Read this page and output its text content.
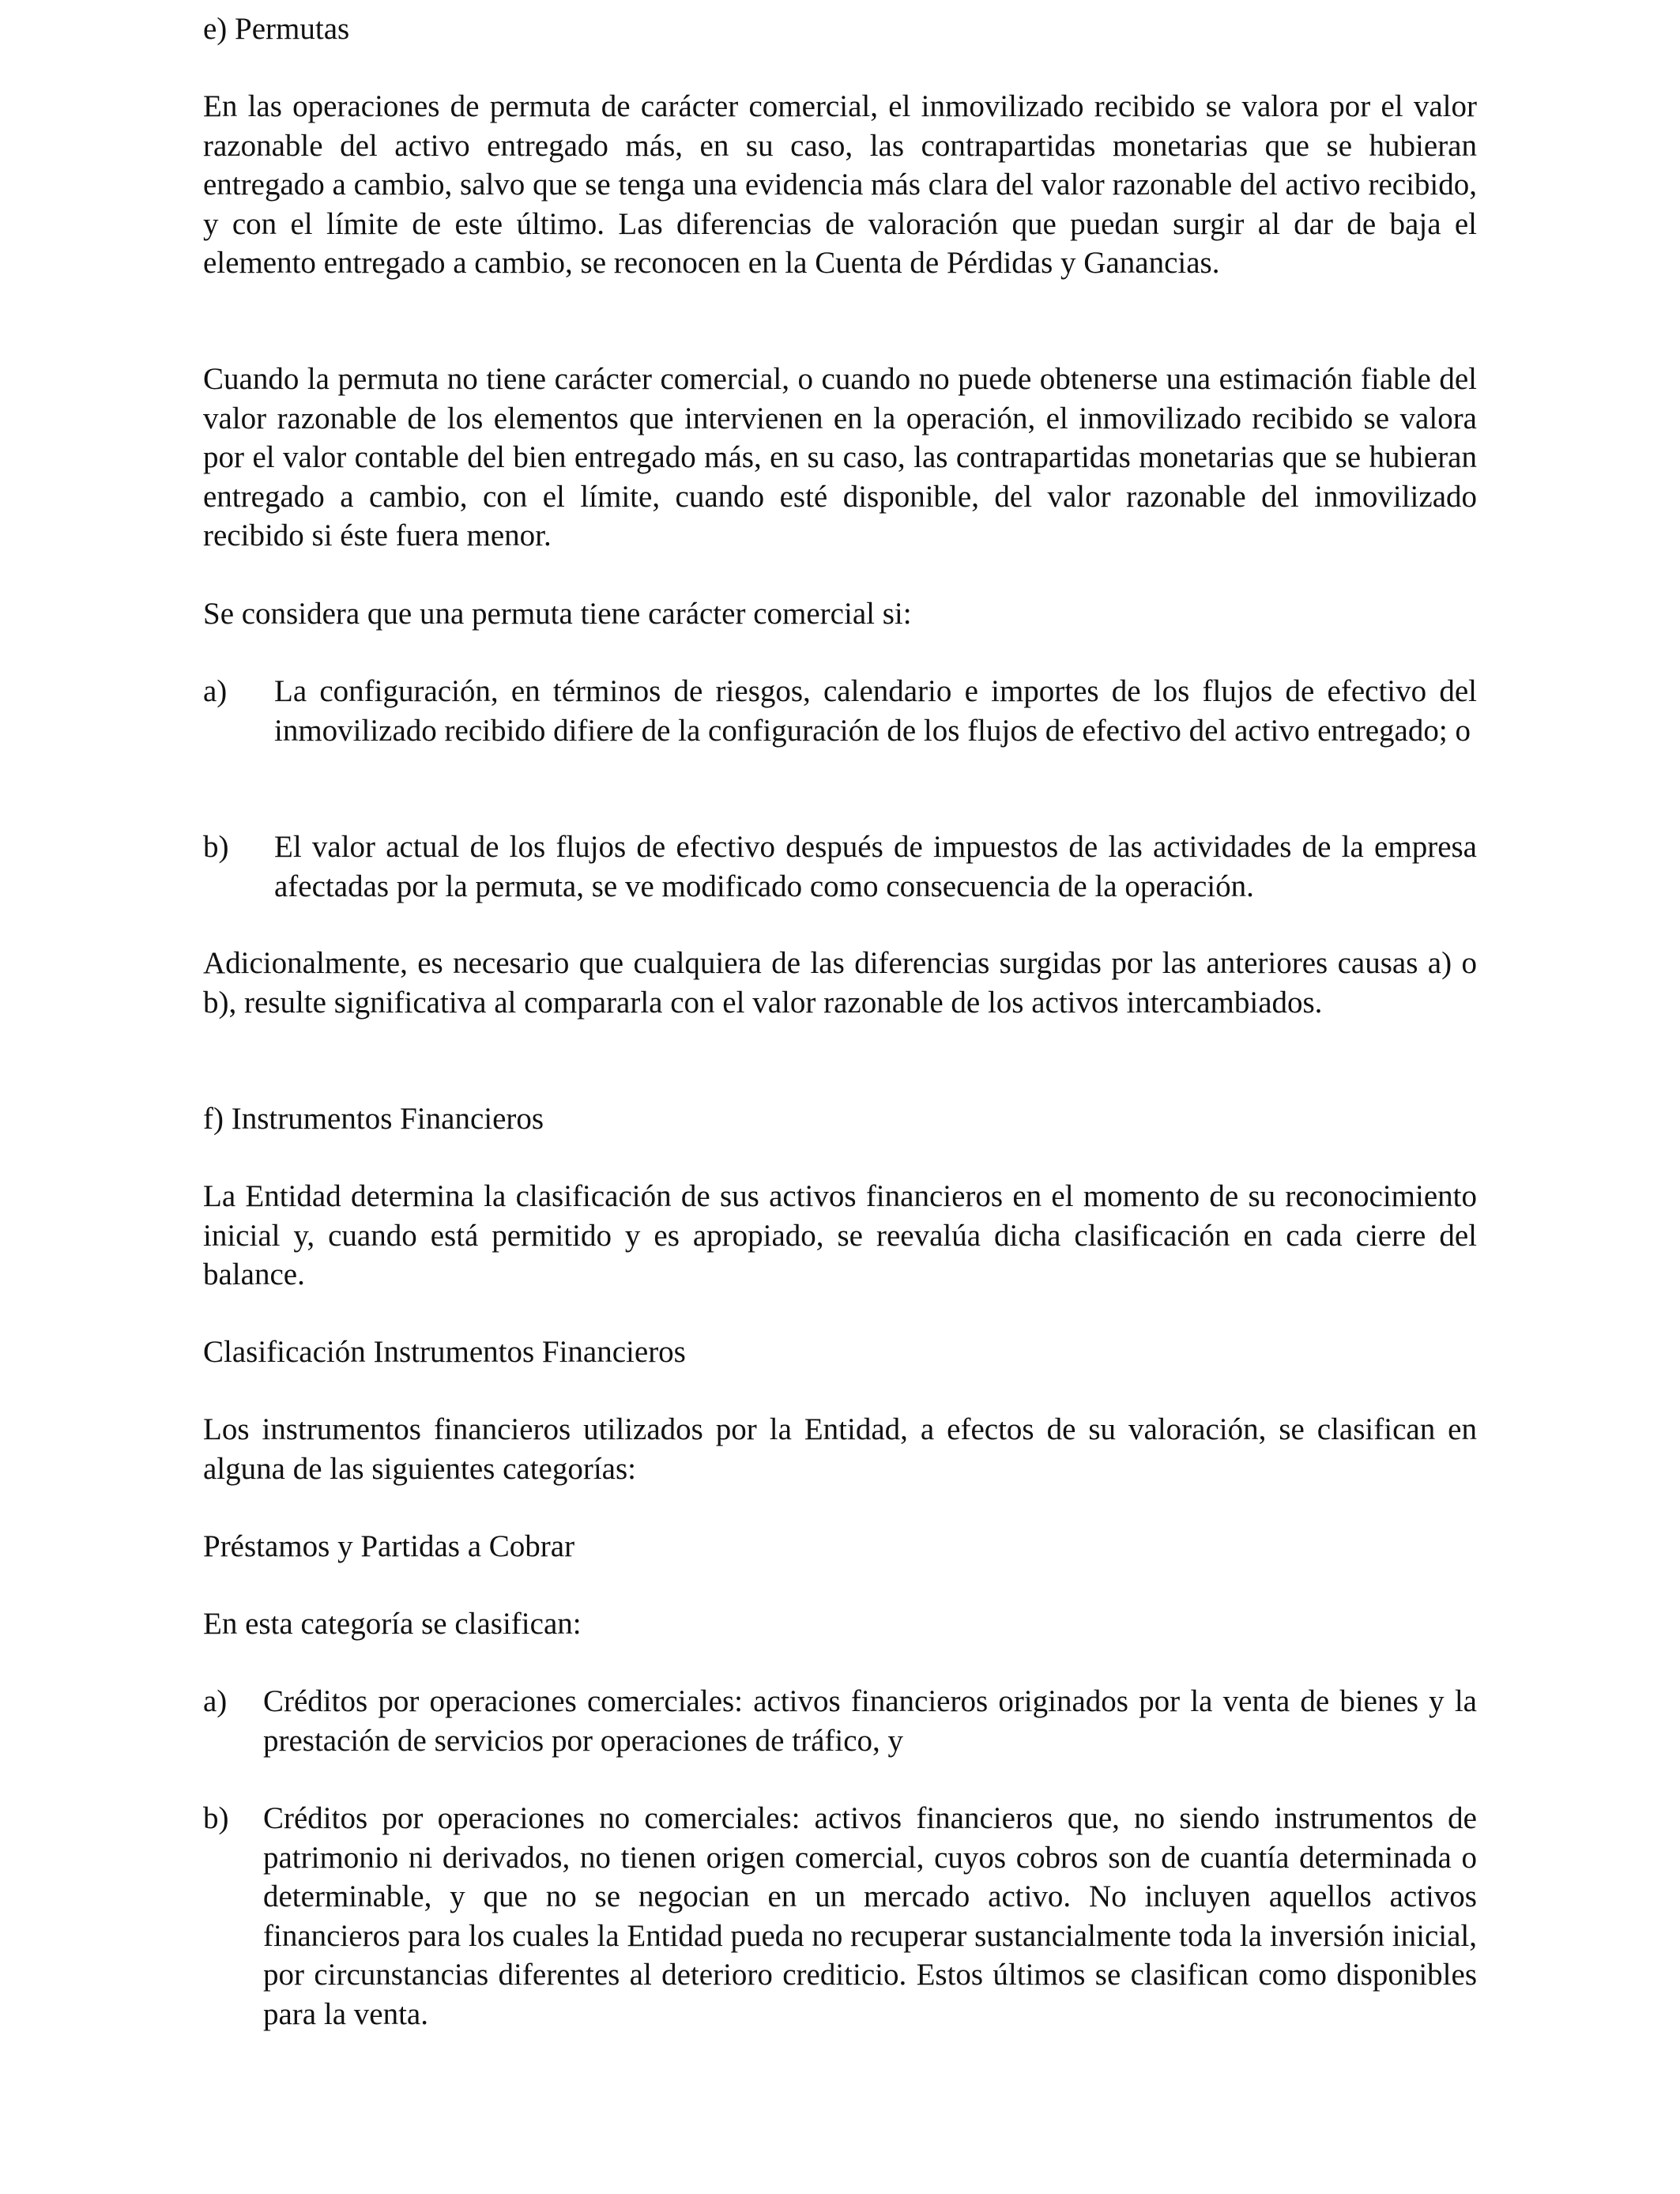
e) Permutas

En las operaciones de permuta de carácter comercial, el inmovilizado recibido se valora por el valor razonable del activo entregado más, en su caso, las contrapartidas monetarias que se hubieran entregado a cambio, salvo que se tenga una evidencia más clara del valor razonable del activo recibido, y con el límite de este último. Las diferencias de valoración que puedan surgir al dar de baja el elemento entregado a cambio, se reconocen en la Cuenta de Pérdidas y Ganancias.

Cuando la permuta no tiene carácter comercial, o cuando no puede obtenerse una estimación fiable del valor razonable de los elementos que intervienen en la operación, el inmovilizado recibido se valora por el valor contable del bien entregado más, en su caso, las contrapartidas monetarias que se hubieran entregado a cambio, con el límite, cuando esté disponible, del valor razonable del inmovilizado recibido si éste fuera menor.

Se considera que una permuta tiene carácter comercial si:

a) La configuración, en términos de riesgos, calendario e importes de los flujos de efectivo del inmovilizado recibido difiere de la configuración de los flujos de efectivo del activo entregado; o

b) El valor actual de los flujos de efectivo después de impuestos de las actividades de la empresa afectadas por la permuta, se ve modificado como consecuencia de la operación.

Adicionalmente, es necesario que cualquiera de las diferencias surgidas por las anteriores causas a) o b), resulte significativa al compararla con el valor razonable de los activos intercambiados.

f) Instrumentos Financieros

La Entidad determina la clasificación de sus activos financieros en el momento de su reconocimiento inicial y, cuando está permitido y es apropiado, se reevalúa dicha clasificación en cada cierre del balance.

Clasificación Instrumentos Financieros

Los instrumentos financieros utilizados por la Entidad, a efectos de su valoración, se clasifican en alguna de las siguientes categorías:

Préstamos y Partidas a Cobrar

En esta categoría se clasifican:

a) Créditos por operaciones comerciales: activos financieros originados por la venta de bienes y la prestación de servicios por operaciones de tráfico, y

b) Créditos por operaciones no comerciales: activos financieros que, no siendo instrumentos de patrimonio ni derivados, no tienen origen comercial, cuyos cobros son de cuantía determinada o determinable, y que no se negocian en un mercado activo. No incluyen aquellos activos financieros para los cuales la Entidad pueda no recuperar sustancialmente toda la inversión inicial, por circunstancias diferentes al deterioro crediticio. Estos últimos se clasifican como disponibles para la venta.
